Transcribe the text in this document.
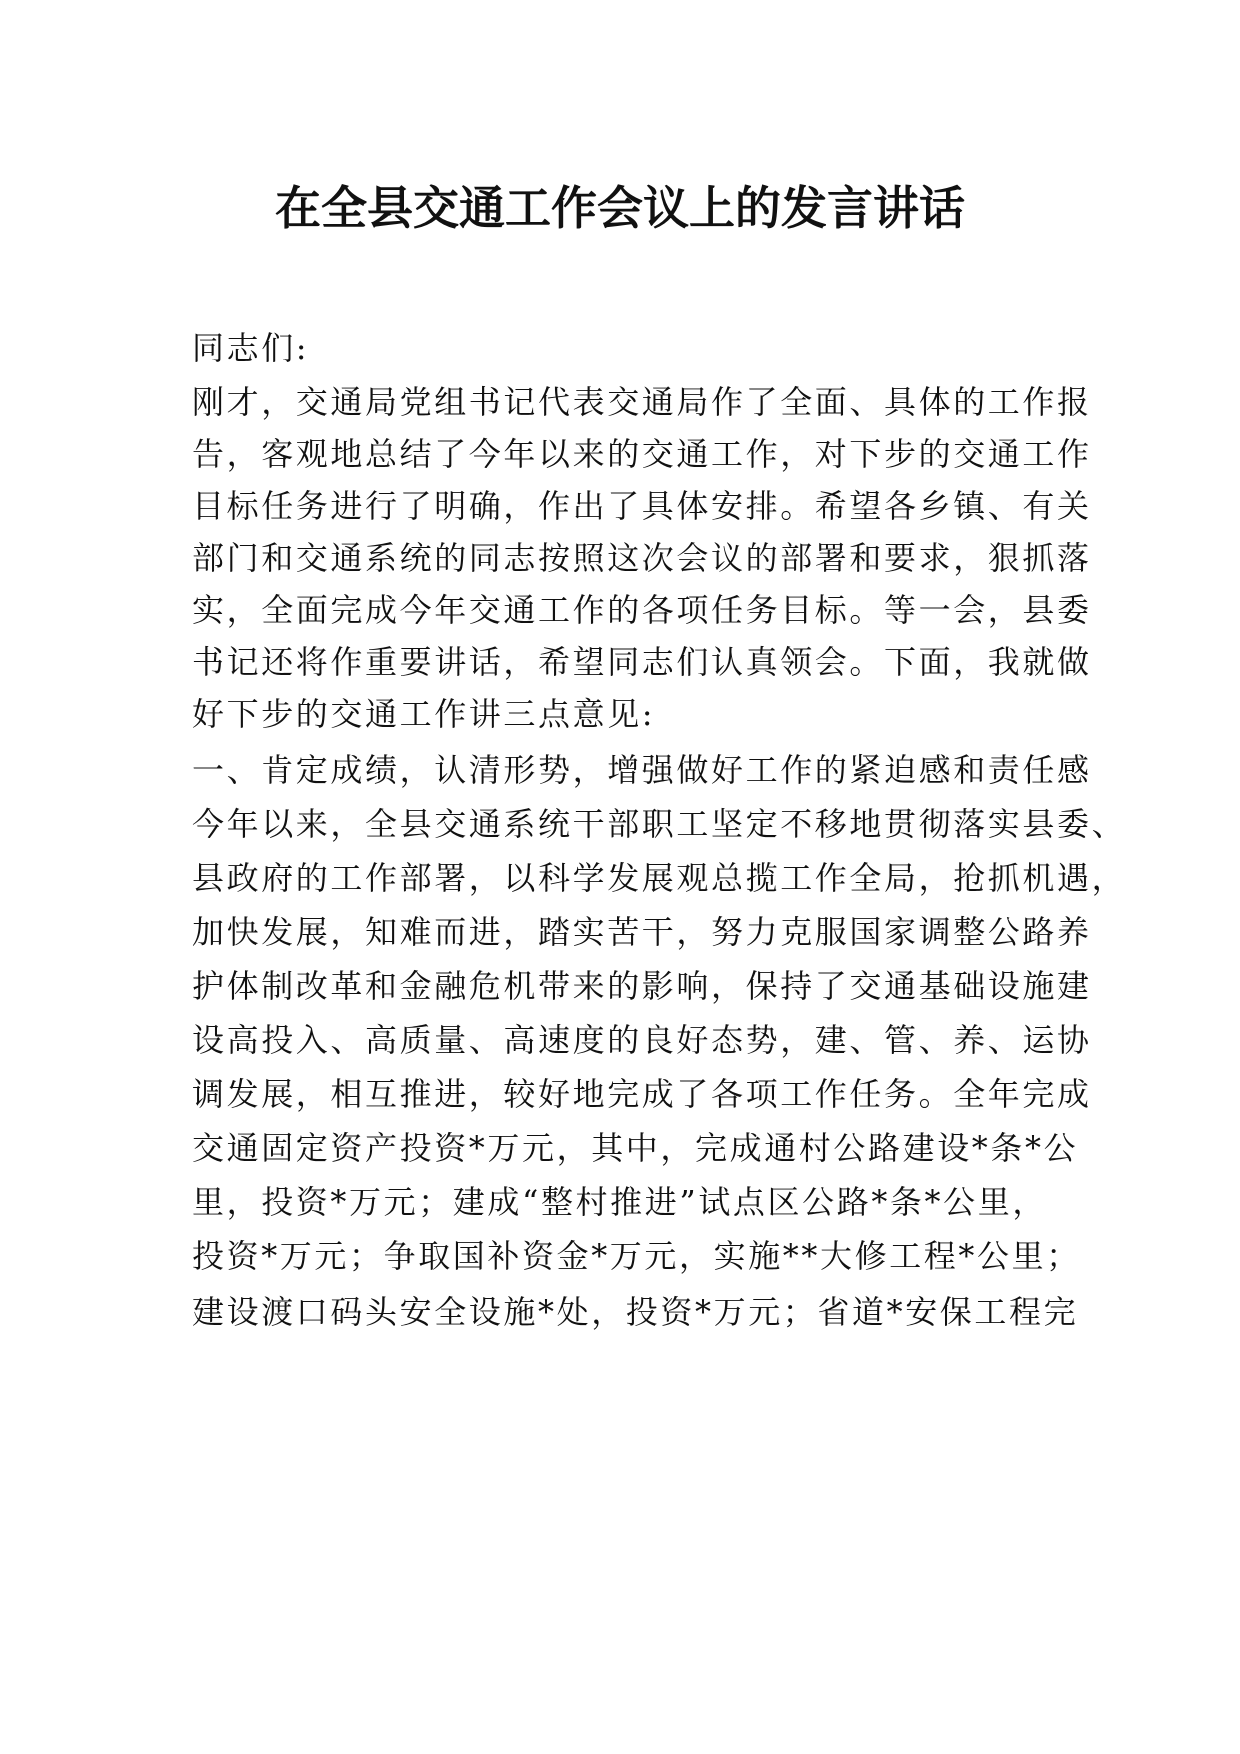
在全县交通工作会议上的发言讲话
同志们:
刚才，交通局党组书记代表交通局作了全面、具体的工作报
告，客观地总结了今年以来的交通工作，对下步的交通工作
目标任务进行了明确，作出了具体安排。希望各乡镇、有关
部门和交通系统的同志按照这次会议的部署和要求，狠抓落
实，全面完成今年交通工作的各项任务目标。等一会，县委
书记还将作重要讲话，希望同志们认真领会。下面，我就做
好下步的交通工作讲三点意见:
一、肯定成绩，认清形势，增强做好工作的紧迫感和责任感
今年以来，全县交通系统干部职工坚定不移地贯彻落实县委、
县政府的工作部署，以科学发展观总揽工作全局，抢抓机遇，
加快发展，知难而进，踏实苦干，努力克服国家调整公路养
护体制改革和金融危机带来的影响，保持了交通基础设施建
设高投入、高质量、高速度的良好态势，建、管、养、运协
调发展，相互推进，较好地完成了各项工作任务。全年完成
交通固定资产投资*万元，其中，完成通村公路建设*条*公
里，投资*万元；建成“整村推进”试点区公路*条*公里，
投资*万元；争取国补资金*万元，实施**大修工程*公里；
建设渡口码头安全设施*处，投资*万元；省道*安保工程完
